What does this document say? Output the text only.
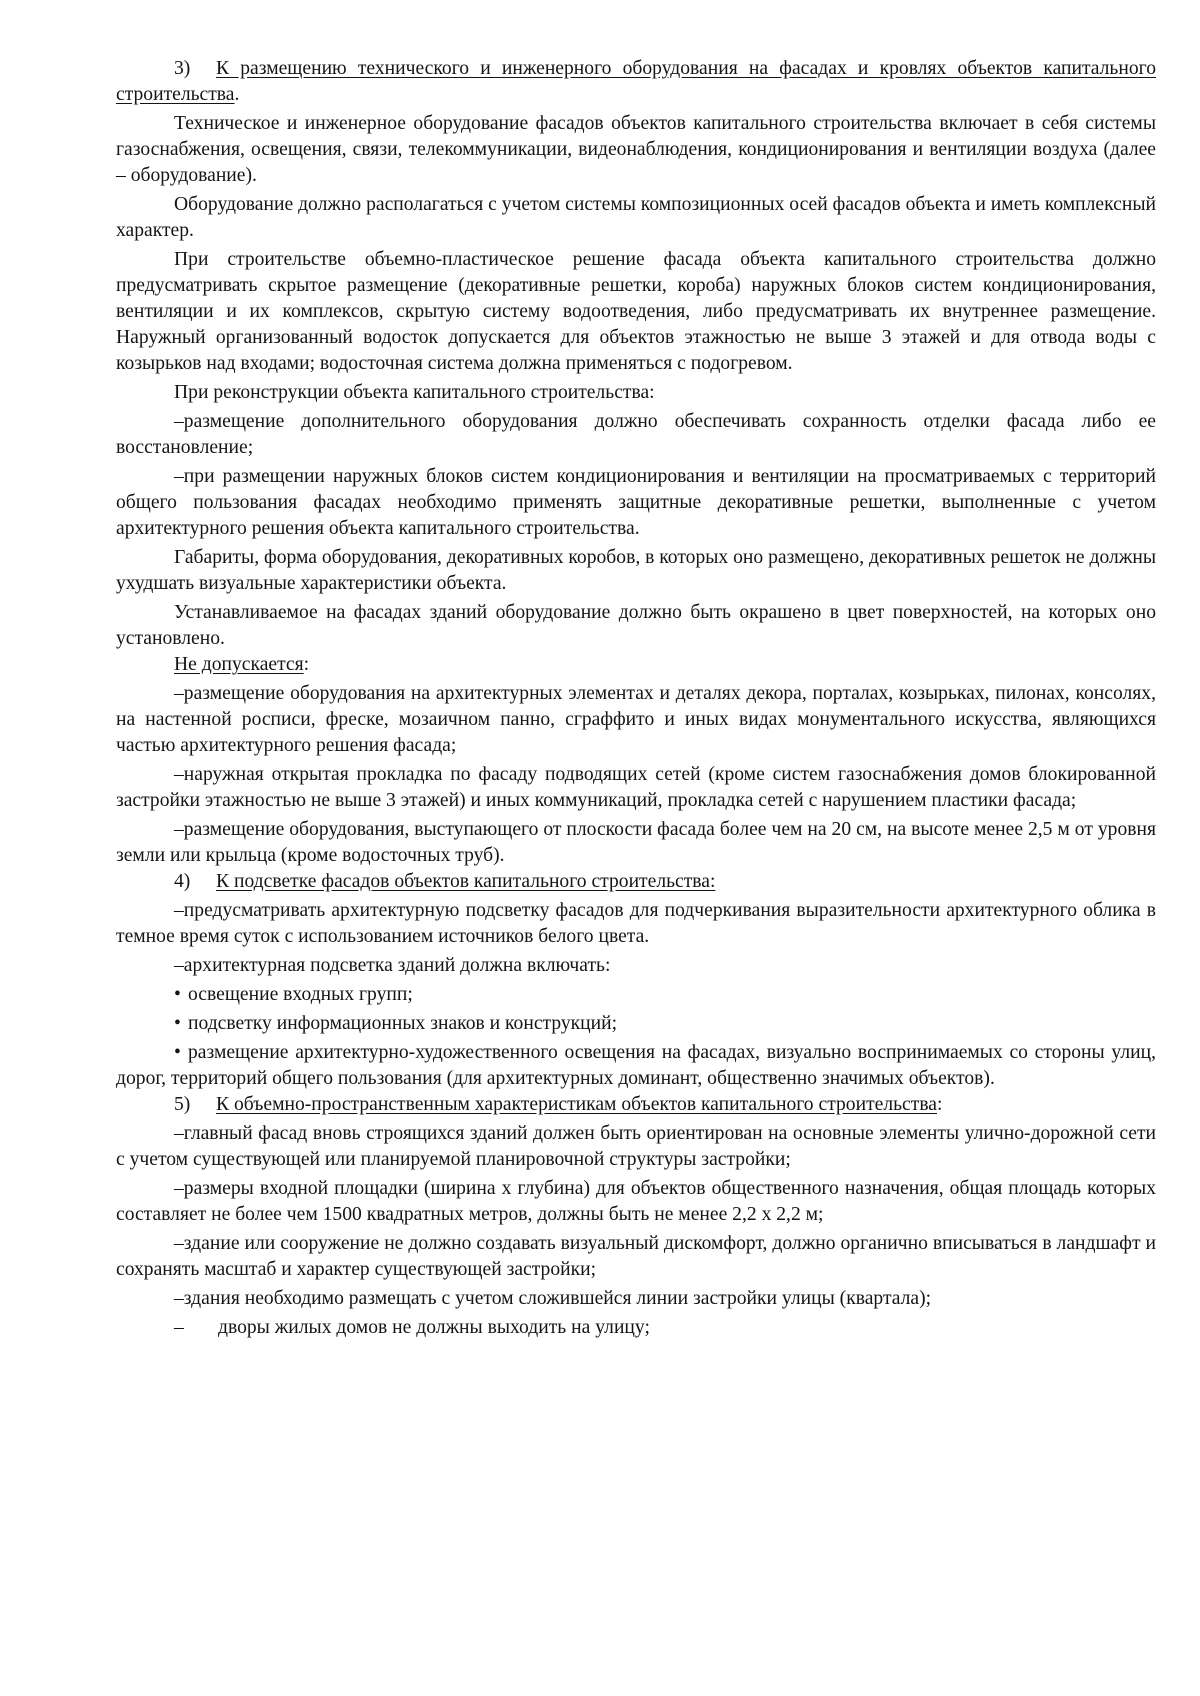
3) К размещению технического и инженерного оборудования на фасадах и кровлях объектов капитального строительства.

Техническое и инженерное оборудование фасадов объектов капитального строительства включает в себя системы газоснабжения, освещения, связи, телекоммуникации, видеонаблюдения, кондиционирования и вентиляции воздуха (далее – оборудование).

Оборудование должно располагаться с учетом системы композиционных осей фасадов объекта и иметь комплексный характер.

При строительстве объемно-пластическое решение фасада объекта капитального строительства должно предусматривать скрытое размещение (декоративные решетки, короба) наружных блоков систем кондиционирования, вентиляции и их комплексов, скрытую систему водоотведения, либо предусматривать их внутреннее размещение. Наружный организованный водосток допускается для объектов этажностью не выше 3 этажей и для отвода воды с козырьков над входами; водосточная система должна применяться с подогревом.

При реконструкции объекта капитального строительства:

–размещение дополнительного оборудования должно обеспечивать сохранность отделки фасада либо ее восстановление;

–при размещении наружных блоков систем кондиционирования и вентиляции на просматриваемых с территорий общего пользования фасадах необходимо применять защитные декоративные решетки, выполненные с учетом архитектурного решения объекта капитального строительства.

Габариты, форма оборудования, декоративных коробов, в которых оно размещено, декоративных решеток не должны ухудшать визуальные характеристики объекта.

Устанавливаемое на фасадах зданий оборудование должно быть окрашено в цвет поверхностей, на которых оно установлено.

Не допускается:

–размещение оборудования на архитектурных элементах и деталях декора, порталах, козырьках, пилонах, консолях, на настенной росписи, фреске, мозаичном панно, сграффито и иных видах монументального искусства, являющихся частью архитектурного решения фасада;

–наружная открытая прокладка по фасаду подводящих сетей (кроме систем газоснабжения домов блокированной застройки этажностью не выше 3 этажей) и иных коммуникаций, прокладка сетей с нарушением пластики фасада;

–размещение оборудования, выступающего от плоскости фасада более чем на 20 см, на высоте менее 2,5 м от уровня земли или крыльца (кроме водосточных труб).

4) К подсветке фасадов объектов капитального строительства:

–предусматривать архитектурную подсветку фасадов для подчеркивания выразительности архитектурного облика в темное время суток с использованием источников белого цвета.

–архитектурная подсветка зданий должна включать:

• освещение входных групп;

• подсветку информационных знаков и конструкций;

• размещение архитектурно-художественного освещения на фасадах, визуально воспринимаемых со стороны улиц, дорог, территорий общего пользования (для архитектурных доминант, общественно значимых объектов).

5) К объемно-пространственным характеристикам объектов капитального строительства:

–главный фасад вновь строящихся зданий должен быть ориентирован на основные элементы улично-дорожной сети с учетом существующей или планируемой планировочной структуры застройки;

–размеры входной площадки (ширина х глубина) для объектов общественного назначения, общая площадь которых составляет не более чем 1500 квадратных метров, должны быть не менее 2,2 х 2,2 м;

–здание или сооружение не должно создавать визуальный дискомфорт, должно органично вписываться в ландшафт и сохранять масштаб и характер существующей застройки;

–здания необходимо размещать с учетом сложившейся линии застройки улицы (квартала);

– дворы жилых домов не должны выходить на улицу;
